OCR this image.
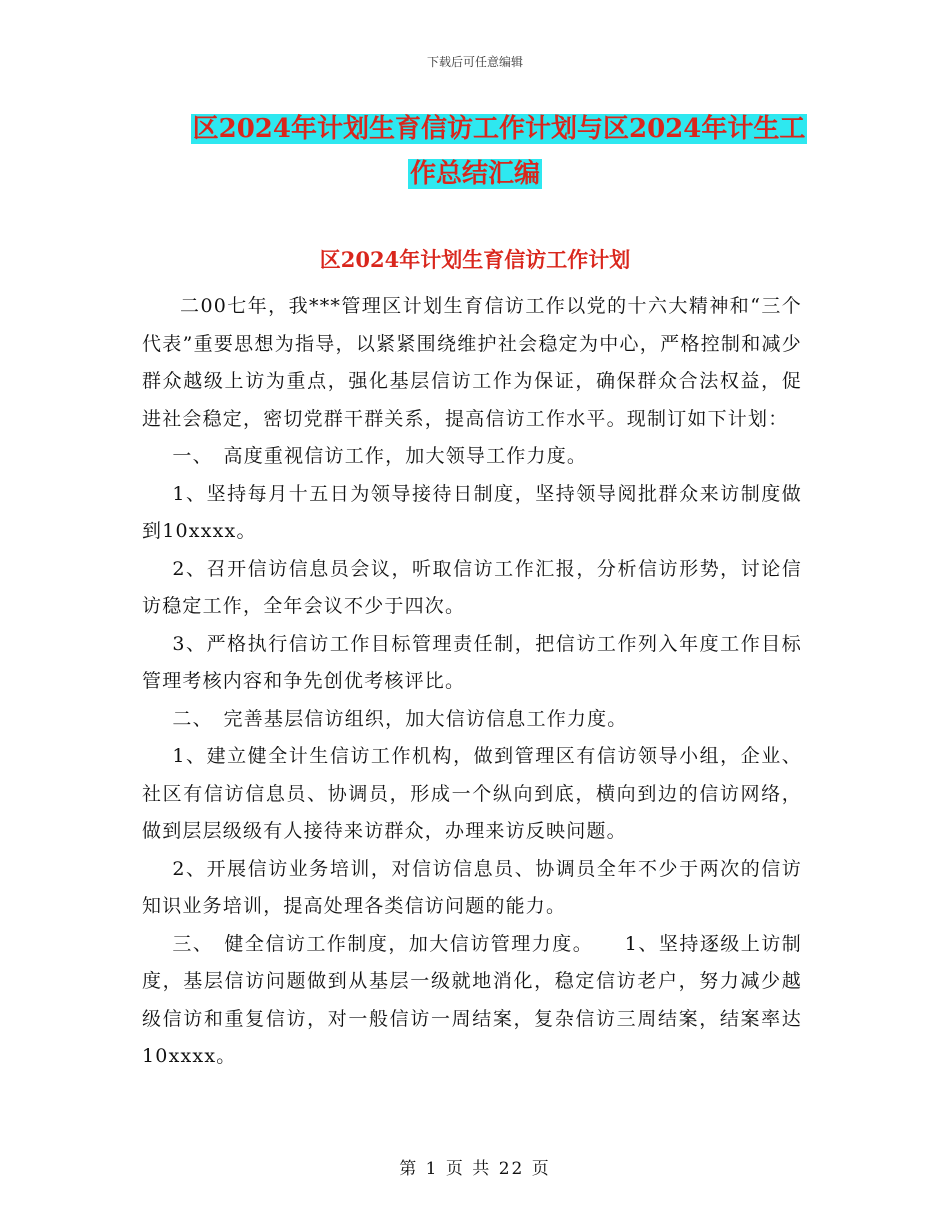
下载后可任意编辑
区2024年计划生育信访工作计划与区2024年计生工
作总结汇编
区2024年计划生育信访工作计划

二00七年，我***管理区计划生育信访工作以党的十六大精神和“三个代表”重要思想为指导，以紧紧围绕维护社会稳定为中心，严格控制和减少群众越级上访为重点，强化基层信访工作为保证，确保群众合法权益，促进社会稳定，密切党群干群关系，提高信访工作水平。现制订如下计划：

一、　高度重视信访工作，加大领导工作力度。

1、坚持每月十五日为领导接待日制度，坚持领导阅批群众来访制度做到10xxxx。

2、召开信访信息员会议，听取信访工作汇报，分析信访形势，讨论信访稳定工作，全年会议不少于四次。

3、严格执行信访工作目标管理责任制，把信访工作列入年度工作目标管理考核内容和争先创优考核评比。

二、　完善基层信访组织，加大信访信息工作力度。

1、建立健全计生信访工作机构，做到管理区有信访领导小组，企业、社区有信访信息员、协调员，形成一个纵向到底，横向到边的信访网络，做到层层级级有人接待来访群众，办理来访反映问题。

2、开展信访业务培训，对信访信息员、协调员全年不少于两次的信访知识业务培训，提高处理各类信访问题的能力。

三、　健全信访工作制度，加大信访管理力度。　　1、坚持逐级上访制度，基层信访问题做到从基层一级就地消化，稳定信访老户，努力减少越级信访和重复信访，对一般信访一周结案，复杂信访三周结案，结案率达10xxxx。

第 1 页 共 22 页
